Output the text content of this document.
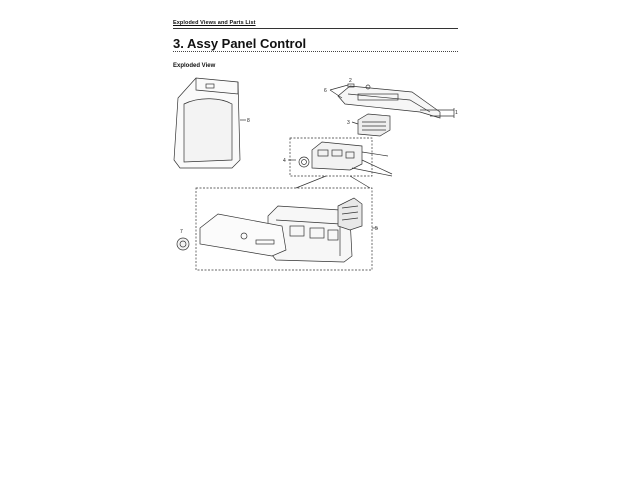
Exploded Views and Parts List
3. Assy Panel Control
Exploded View
1
2
3
4
5
6
7
8
